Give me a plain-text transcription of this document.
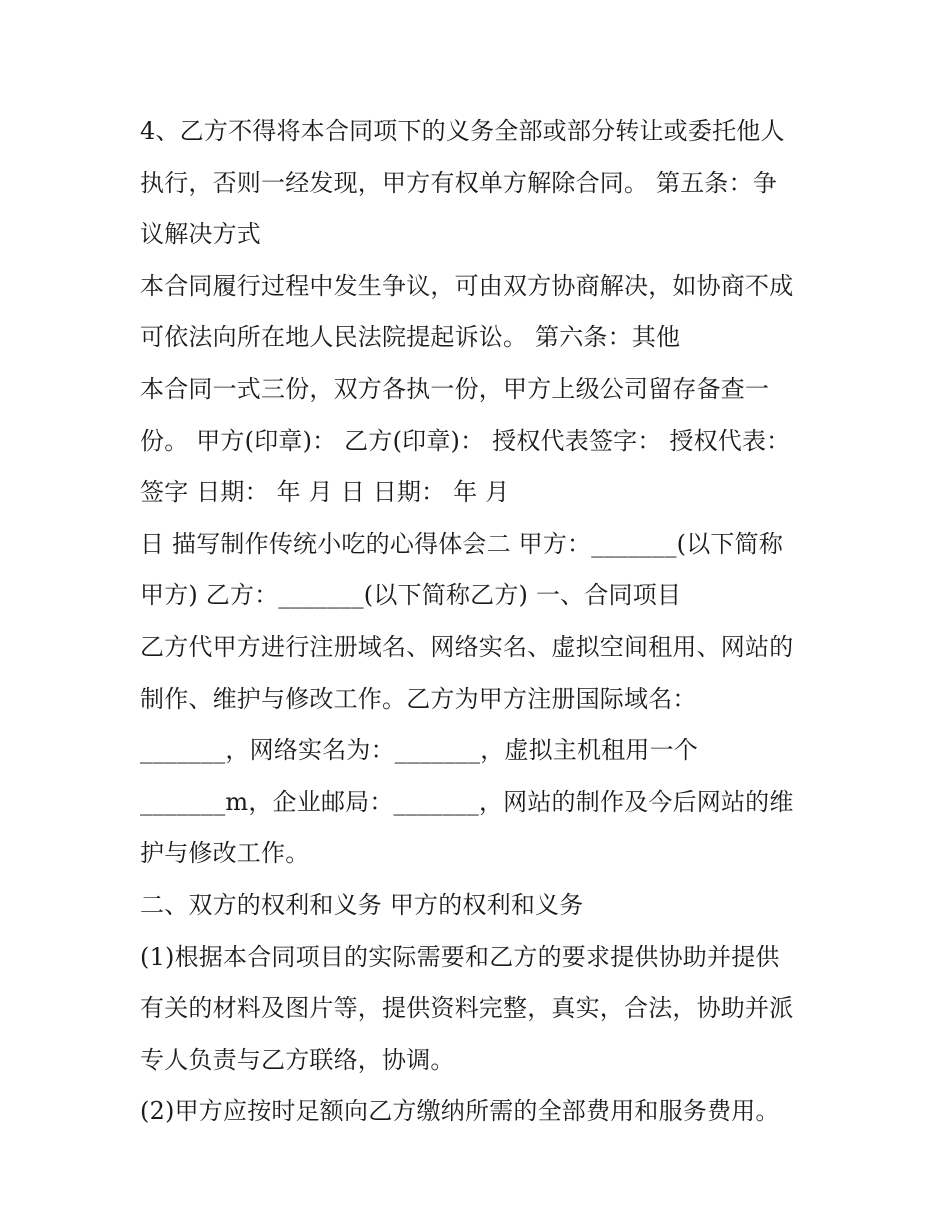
4、乙方不得将本合同项下的义务全部或部分转让或委托他人
执行，否则一经发现，甲方有权单方解除合同。 第五条：争
议解决方式
本合同履行过程中发生争议，可由双方协商解决，如协商不成
可依法向所在地人民法院提起诉讼。 第六条：其他
本合同一式三份，双方各执一份，甲方上级公司留存备查一
份。 甲方(印章)： 乙方(印章)： 授权代表签字： 授权代表：
签字 日期： 年 月 日 日期： 年 月
日 描写制作传统小吃的心得体会二 甲方：_______(以下简称
甲方) 乙方：_______(以下简称乙方) 一、合同项目
乙方代甲方进行注册域名、网络实名、虚拟空间租用、网站的
制作、维护与修改工作。乙方为甲方注册国际域名：
_______，网络实名为：_______，虚拟主机租用一个
_______m，企业邮局：_______，网站的制作及今后网站的维
护与修改工作。
二、双方的权利和义务 甲方的权利和义务
(1)根据本合同项目的实际需要和乙方的要求提供协助并提供
有关的材料及图片等，提供资料完整，真实，合法，协助并派
专人负责与乙方联络，协调。
(2)甲方应按时足额向乙方缴纳所需的全部费用和服务费用。
